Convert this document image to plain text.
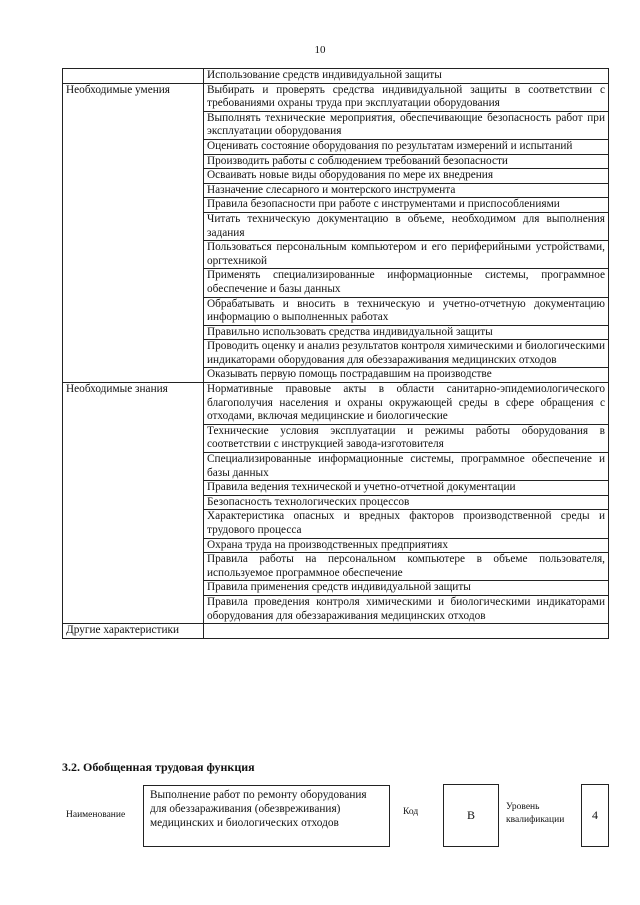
10
	Использование средств индивидуальной защиты
Необходимые умения	Выбирать и проверять средства индивидуальной защиты в соответствии с требованиями охраны труда при эксплуатации оборудования
	Выполнять технические мероприятия, обеспечивающие безопасность работ при эксплуатации оборудования
	Оценивать состояние оборудования по результатам измерений и испытаний
	Производить работы с соблюдением требований безопасности
	Осваивать новые виды оборудования по мере их внедрения
	Назначение слесарного и монтерского инструмента
	Правила безопасности при работе с инструментами и приспособлениями
	Читать техническую документацию в объеме, необходимом для выполнения задания
	Пользоваться персональным компьютером и его периферийными устройствами, оргтехникой
	Применять специализированные информационные системы, программное обеспечение и базы данных
	Обрабатывать и вносить в техническую и учетно-отчетную документацию информацию о выполненных работах
	Правильно использовать средства индивидуальной защиты
	Проводить оценку и анализ результатов контроля химическими и биологическими индикаторами оборудования для обеззараживания медицинских отходов
	Оказывать первую помощь пострадавшим на производстве
Необходимые знания	Нормативные правовые акты в области санитарно-эпидемиологического благополучия населения и охраны окружающей среды в сфере обращения с отходами, включая медицинские и биологические
	Технические условия эксплуатации и режимы работы оборудования в соответствии с инструкцией завода-изготовителя
	Специализированные информационные системы, программное обеспечение и базы данных
	Правила ведения технической и учетно-отчетной документации
	Безопасность технологических процессов
	Характеристика опасных и вредных факторов производственной среды и трудового процесса
	Охрана труда на производственных предприятиях
	Правила работы на персональном компьютере в объеме пользователя, используемое программное обеспечение
	Правила применения средств индивидуальной защиты
	Правила проведения контроля химическими и биологическими индикаторами оборудования для обеззараживания медицинских отходов
Другие характеристики	
3.2. Обобщенная трудовая функция
Наименование
Выполнение работ по ремонту оборудования для обеззараживания (обезвреживания) медицинских и биологических отходов
Код	B
Уровень квалификации	4
